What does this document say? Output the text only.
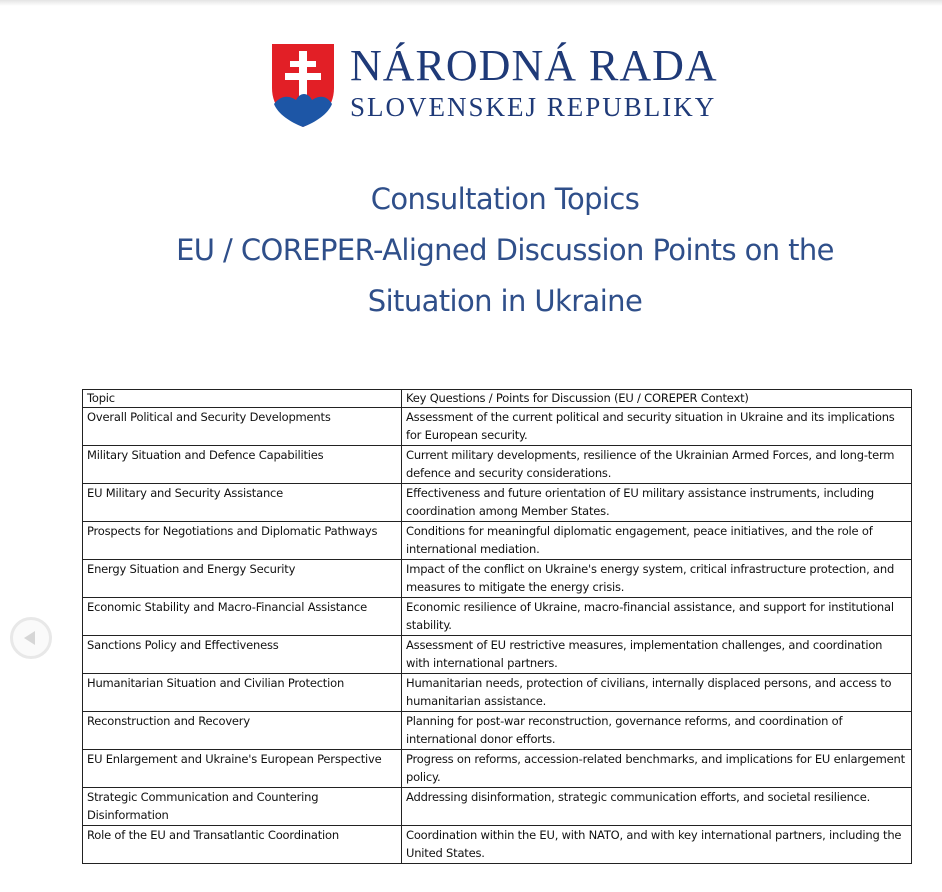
NÁRODNÁ RADA
SLOVENSKEJ REPUBLIKY
Consultation Topics
EU / COREPER-Aligned Discussion Points on the
Situation in Ukraine
Topic	Key Questions / Points for Discussion (EU / COREPER Context)
Overall Political and Security Developments	Assessment of the current political and security situation in Ukraine and its implications for European security.
Military Situation and Defence Capabilities	Current military developments, resilience of the Ukrainian Armed Forces, and long-term defence and security considerations.
EU Military and Security Assistance	Effectiveness and future orientation of EU military assistance instruments, including coordination among Member States.
Prospects for Negotiations and Diplomatic Pathways	Conditions for meaningful diplomatic engagement, peace initiatives, and the role of international mediation.
Energy Situation and Energy Security	Impact of the conflict on Ukraine's energy system, critical infrastructure protection, and measures to mitigate the energy crisis.
Economic Stability and Macro-Financial Assistance	Economic resilience of Ukraine, macro-financial assistance, and support for institutional stability.
Sanctions Policy and Effectiveness	Assessment of EU restrictive measures, implementation challenges, and coordination with international partners.
Humanitarian Situation and Civilian Protection	Humanitarian needs, protection of civilians, internally displaced persons, and access to humanitarian assistance.
Reconstruction and Recovery	Planning for post-war reconstruction, governance reforms, and coordination of international donor efforts.
EU Enlargement and Ukraine's European Perspective	Progress on reforms, accession-related benchmarks, and implications for EU enlargement policy.
Strategic Communication and Countering Disinformation	Addressing disinformation, strategic communication efforts, and societal resilience.
Role of the EU and Transatlantic Coordination	Coordination within the EU, with NATO, and with key international partners, including the United States.
